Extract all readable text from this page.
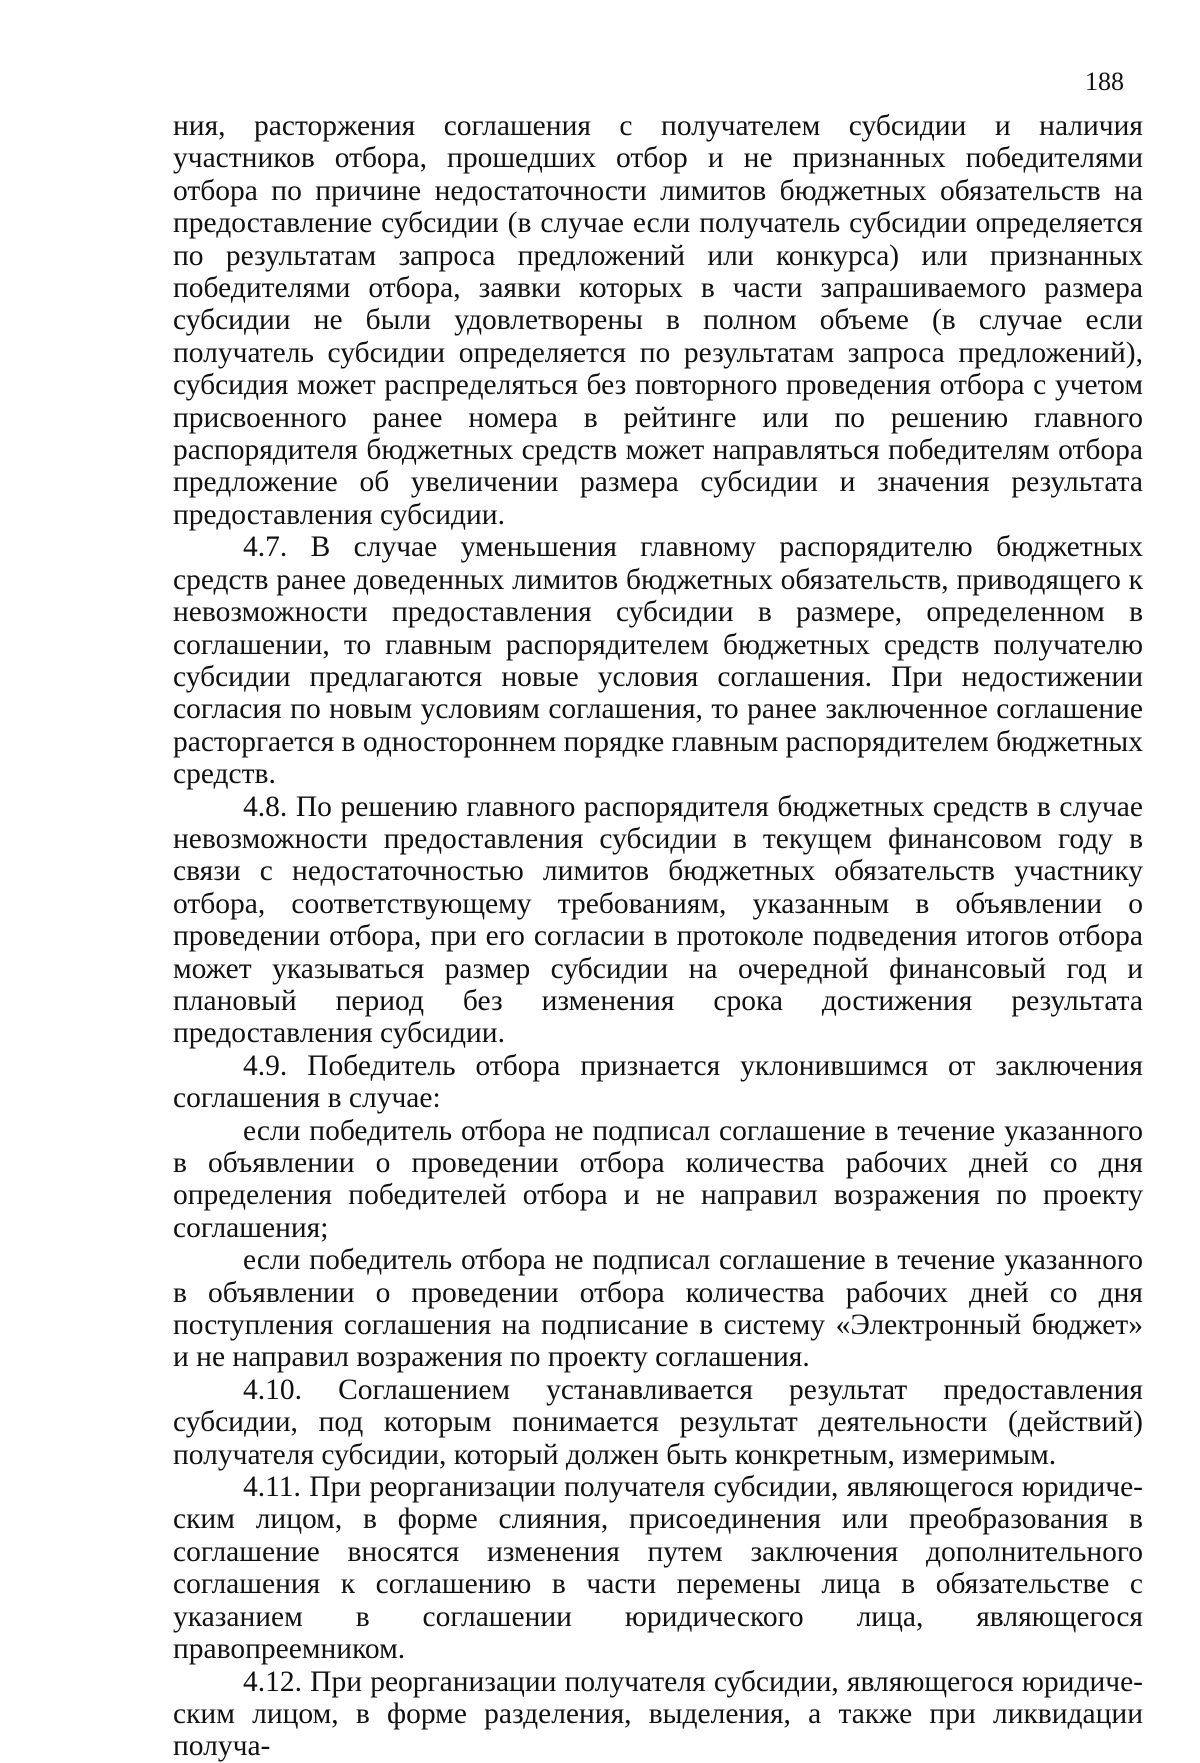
188

ния, расторжения соглашения с получателем субсидии и наличия участников отбора, прошедших отбор и не признанных победителями отбора по причине недостаточности лимитов бюджетных обязательств на предоставление субсидии (в случае если получатель субсидии определяется по результатам запроса предложений или конкурса) или признанных победителями отбора, заявки которых в части запрашиваемого размера субсидии не были удовлетворены в полном объеме (в случае если получатель субсидии определяется по результатам запроса предложений), субсидия может распределяться без повторного проведения отбора с учетом присвоенного ранее номера в рейтинге или по решению главного распорядителя бюджетных средств может направляться победителям отбора предложение об увеличении размера субсидии и значения результата предоставления субсидии.

4.7. В случае уменьшения главному распорядителю бюджетных средств ранее доведенных лимитов бюджетных обязательств, приводящего к невозможности предоставления субсидии в размере, определенном в соглашении, то главным распорядителем бюджетных средств получателю субсидии предлагаются новые условия соглашения. При недостижении согласия по новым условиям соглашения, то ранее заключенное соглашение расторгается в одностороннем порядке главным распорядителем бюджетных средств.

4.8. По решению главного распорядителя бюджетных средств в случае невозможности предоставления субсидии в текущем финансовом году в связи с недостаточностью лимитов бюджетных обязательств участнику отбора, соответствующему требованиям, указанным в объявлении о проведении отбора, при его согласии в протоколе подведения итогов отбора может указываться размер субсидии на очередной финансовый год и плановый период без изменения срока достижения результата предоставления субсидии.

4.9. Победитель отбора признается уклонившимся от заключения соглашения в случае:

если победитель отбора не подписал соглашение в течение указанного в объявлении о проведении отбора количества рабочих дней со дня определения победителей отбора и не направил возражения по проекту соглашения;

если победитель отбора не подписал соглашение в течение указанного в объявлении о проведении отбора количества рабочих дней со дня поступления соглашения на подписание в систему «Электронный бюджет» и не направил возражения по проекту соглашения.

4.10. Соглашением устанавливается результат предоставления субсидии, под которым понимается результат деятельности (действий) получателя субсидии, который должен быть конкретным, измеримым.

4.11. При реорганизации получателя субсидии, являющегося юридическим лицом, в форме слияния, присоединения или преобразования в соглашение вносятся изменения путем заключения дополнительного соглашения к соглашению в части перемены лица в обязательстве с указанием в соглашении юридического лица, являющегося правопреемником.

4.12. При реорганизации получателя субсидии, являющегося юридическим лицом, в форме разделения, выделения, а также при ликвидации получа-
